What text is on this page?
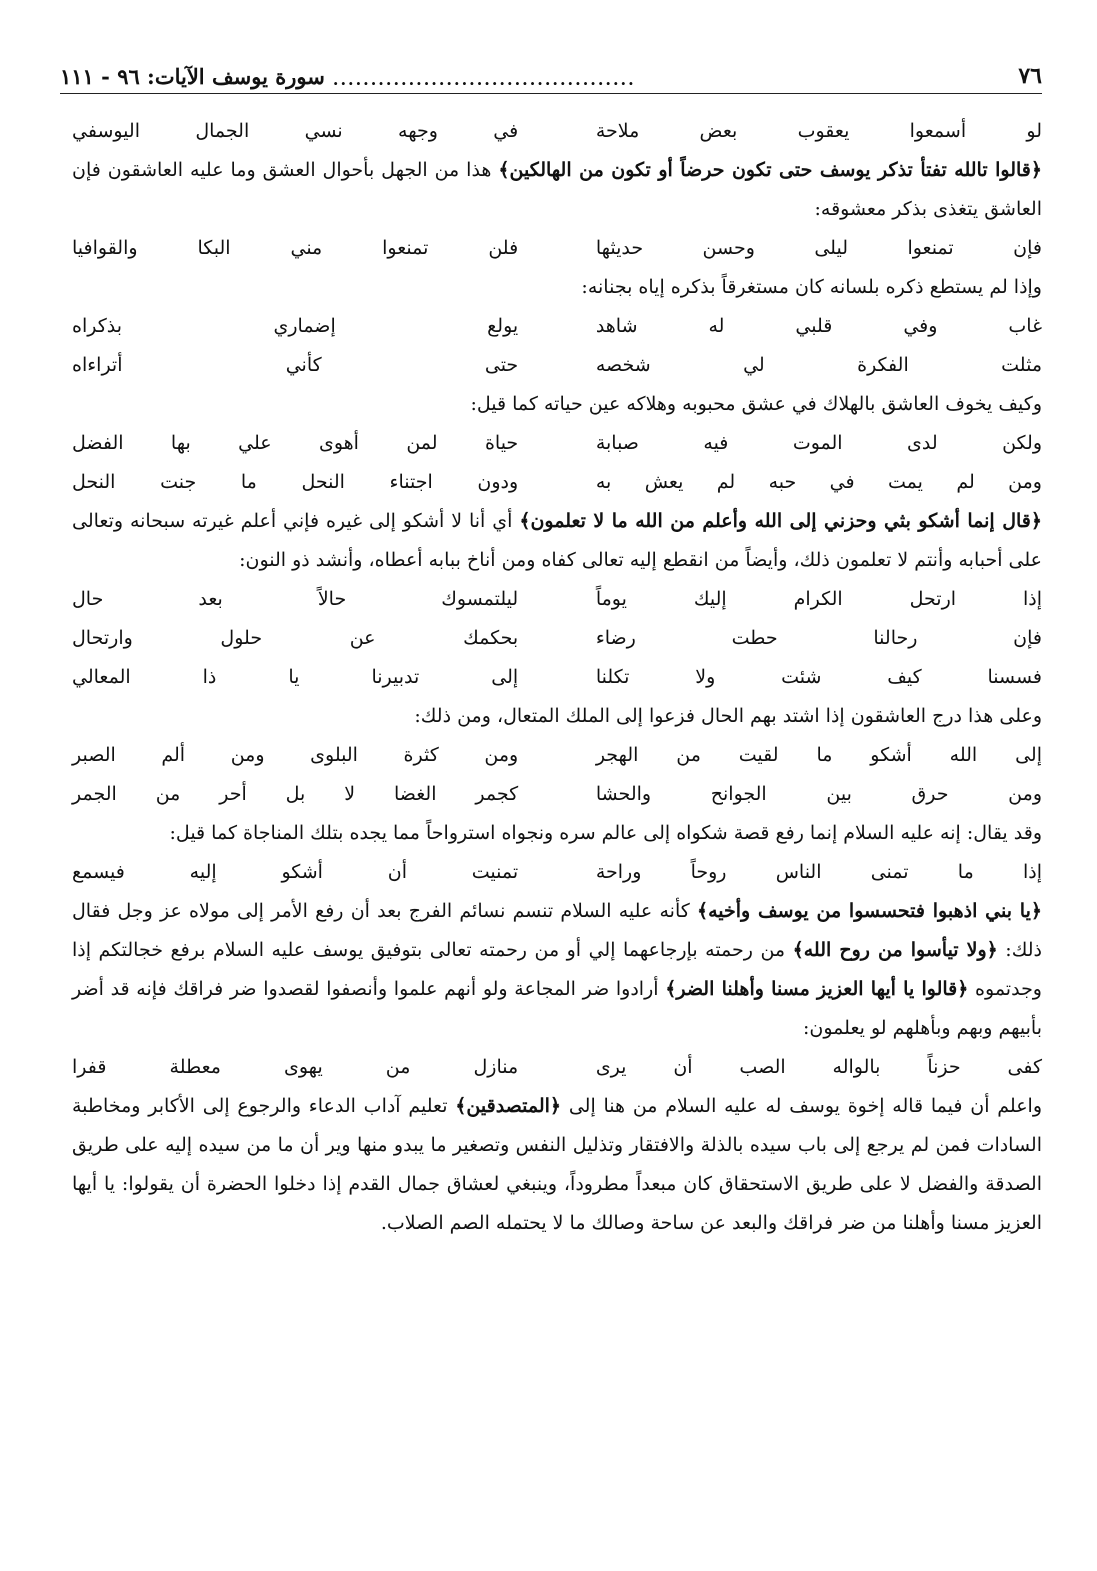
٧٦
........................................
سورة يوسف الآيات: ٩٦ - ١١١
لو أسمعوا يعقوب بعض ملاحة
في وجهه نسي الجمال اليوسفي

﴿قالوا تالله تفتأ تذكر يوسف حتى تكون حرضاً أو تكون من الهالكين﴾ هذا من الجهل بأحوال العشق وما عليه العاشقون فإن العاشق يتغذى بذكر معشوقه:

فإن تمنعوا ليلى وحسن حديثها
فلن تمنعوا مني البكا والقوافيا

وإذا لم يستطع ذكره بلسانه كان مستغرقاً بذكره إياه بجنانه:

غاب وفي قلبي له شاهد
يولع إضماري بذكراه
مثلت الفكرة لي شخصه
حتى كأني أتراءاه

وكيف يخوف العاشق بالهلاك في عشق محبوبه وهلاكه عين حياته كما قيل:

ولكن لدى الموت فيه صبابة
حياة لمن أهوى علي بها الفضل
ومن لم يمت في حبه لم يعش به
ودون اجتناء النحل ما جنت النحل

﴿قال إنما أشكو بثي وحزني إلى الله وأعلم من الله ما لا تعلمون﴾ أي أنا لا أشكو إلى غيره فإني أعلم غيرته سبحانه وتعالى على أحبابه وأنتم لا تعلمون ذلك، وأيضاً من انقطع إليه تعالى كفاه ومن أناخ ببابه أعطاه، وأنشد ذو النون:

إذا ارتحل الكرام إليك يوماً
ليلتمسوك حالاً بعد حال
فإن رحالنا حطت رضاء
بحكمك عن حلول وارتحال
فسسنا كيف شئت ولا تكلنا
إلى تدبيرنا يا ذا المعالي

وعلى هذا درج العاشقون إذا اشتد بهم الحال فزعوا إلى الملك المتعال، ومن ذلك:

إلى الله أشكو ما لقيت من الهجر
ومن كثرة البلوى ومن ألم الصبر
ومن حرق بين الجوانح والحشا
كجمر الغضا لا بل أحر من الجمر

وقد يقال: إنه عليه السلام إنما رفع قصة شكواه إلى عالم سره ونجواه استرواحاً مما يجده بتلك المناجاة كما قيل:

إذا ما تمنى الناس روحاً وراحة
تمنيت أن أشكو إليه فيسمع

﴿يا بني اذهبوا فتحسسوا من يوسف وأخيه﴾ كأنه عليه السلام تنسم نسائم الفرج بعد أن رفع الأمر إلى مولاه عز وجل فقال ذلك: ﴿ولا تيأسوا من روح الله﴾ من رحمته بإرجاعهما إلي أو من رحمته تعالى بتوفيق يوسف عليه السلام برفع خجالتكم إذا وجدتموه ﴿قالوا يا أيها العزيز مسنا وأهلنا الضر﴾ أرادوا ضر المجاعة ولو أنهم علموا وأنصفوا لقصدوا ضر فراقك فإنه قد أضر بأبيهم وبهم وبأهلهم لو يعلمون:

كفى حزناً بالواله الصب أن يرى
منازل من يهوى معطلة قفرا

واعلم أن فيما قاله إخوة يوسف له عليه السلام من هنا إلى ﴿المتصدقين﴾ تعليم آداب الدعاء والرجوع إلى الأكابر ومخاطبة السادات فمن لم يرجع إلى باب سيده بالذلة والافتقار وتذليل النفس وتصغير ما يبدو منها وير أن ما من سيده إليه على طريق الصدقة والفضل لا على طريق الاستحقاق كان مبعداً مطروداً، وينبغي لعشاق جمال القدم إذا دخلوا الحضرة أن يقولوا: يا أيها العزيز مسنا وأهلنا من ضر فراقك والبعد عن ساحة وصالك ما لا يحتمله الصم الصلاب.
